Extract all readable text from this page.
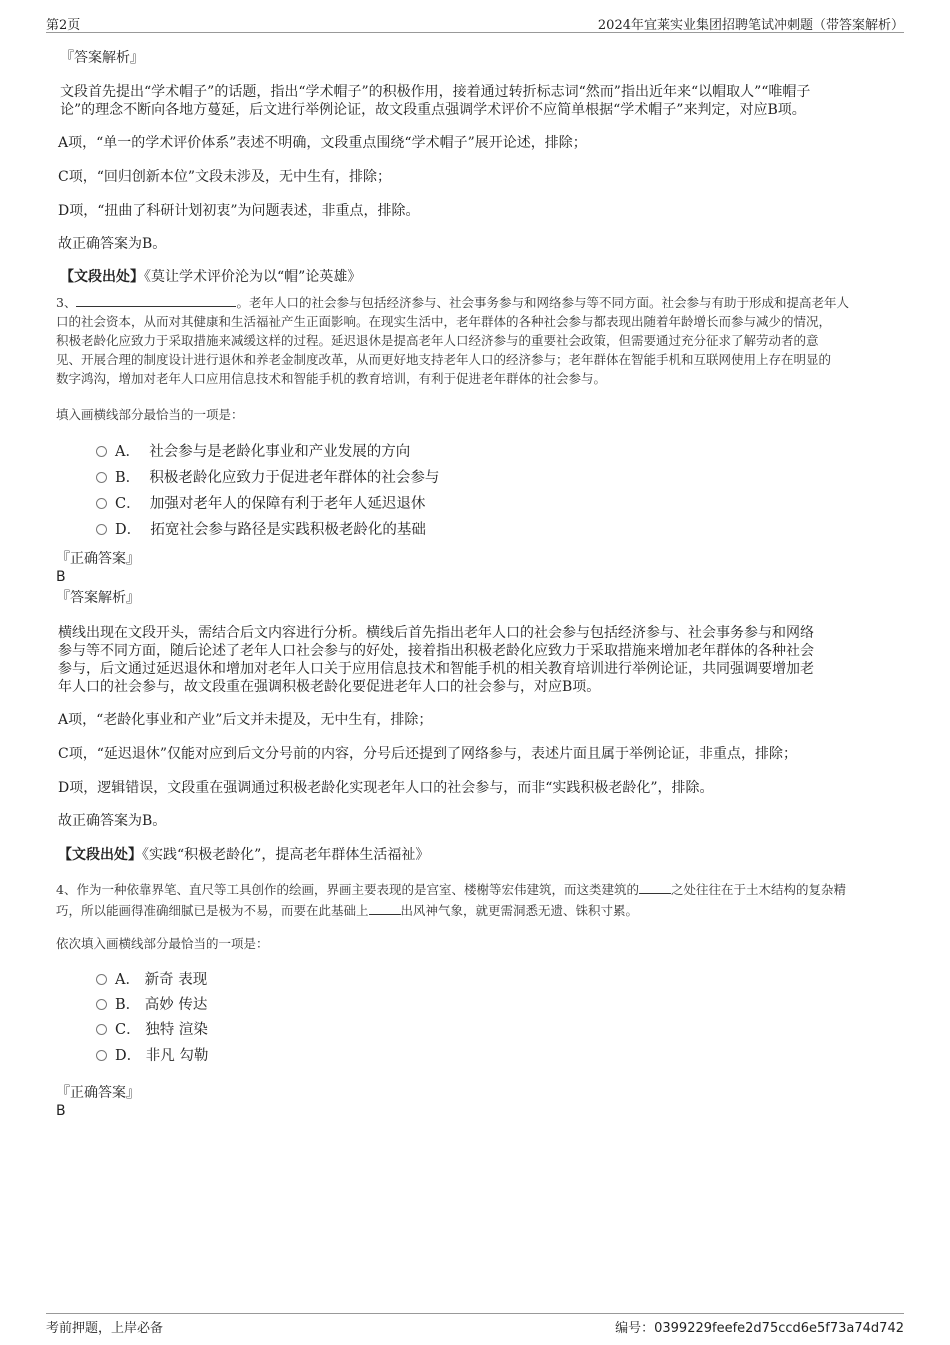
第2页	2024年宜莱实业集团招聘笔试冲刺题（带答案解析）
『答案解析』
文段首先提出“学术帽子”的话题，指出“学术帽子”的积极作用，接着通过转折标志词“然而”指出近年来“以帽取人”“唯帽子
论”的理念不断向各地方蔓延，后文进行举例论证，故文段重点强调学术评价不应简单根据“学术帽子”来判定，对应B项。
A项，“单一的学术评价体系”表述不明确，文段重点围绕“学术帽子”展开论述，排除；
C项，“回归创新本位”文段未涉及，无中生有，排除；
D项，“扭曲了科研计划初衷”为问题表述，非重点，排除。
故正确答案为B。
【文段出处】《莫让学术评价沦为以“帽”论英雄》
3、	。老年人口的社会参与包括经济参与、社会事务参与和网络参与等不同方面。社会参与有助于形成和提高老年人
口的社会资本，从而对其健康和生活福祉产生正面影响。在现实生活中，老年群体的各种社会参与都表现出随着年龄增长而参与减少的情况，
积极老龄化应致力于采取措施来减缓这样的过程。延迟退休是提高老年人口经济参与的重要社会政策，但需要通过充分征求了解劳动者的意
见、开展合理的制度设计进行退休和养老金制度改革，从而更好地支持老年人口的经济参与；老年群体在智能手机和互联网使用上存在明显的
数字鸿沟，增加对老年人口应用信息技术和智能手机的教育培训，有利于促进老年群体的社会参与。
填入画横线部分最恰当的一项是：
A． 社会参与是老龄化事业和产业发展的方向
B． 积极老龄化应致力于促进老年群体的社会参与
C． 加强对老年人的保障有利于老年人延迟退休
D． 拓宽社会参与路径是实践积极老龄化的基础
『正确答案』
B
『答案解析』
横线出现在文段开头，需结合后文内容进行分析。横线后首先指出老年人口的社会参与包括经济参与、社会事务参与和网络
参与等不同方面，随后论述了老年人口社会参与的好处，接着指出积极老龄化应致力于采取措施来增加老年群体的各种社会
参与，后文通过延迟退休和增加对老年人口关于应用信息技术和智能手机的相关教育培训进行举例论证，共同强调要增加老
年人口的社会参与，故文段重在强调积极老龄化要促进老年人口的社会参与，对应B项。
A项，“老龄化事业和产业”后文并未提及，无中生有，排除；
C项，“延迟退休”仅能对应到后文分号前的内容，分号后还提到了网络参与，表述片面且属于举例论证，非重点，排除；
D项，逻辑错误，文段重在强调通过积极老龄化实现老年人口的社会参与，而非“实践积极老龄化”，排除。
故正确答案为B。
【文段出处】《实践“积极老龄化”，提高老年群体生活福祉》
4、作为一种依靠界笔、直尺等工具创作的绘画，界画主要表现的是宫室、楼榭等宏伟建筑，而这类建筑的	之处往往在于土木结构的复杂精
巧，所以能画得准确细腻已是极为不易，而要在此基础上	出风神气象，就更需洞悉无遗、铢积寸累。
依次填入画横线部分最恰当的一项是：
A． 新奇 表现
B． 高妙 传达
C． 独特 渲染
D． 非凡 勾勒
『正确答案』
B
考前押题，上岸必备	编号：0399229feefe2d75ccd6e5f73a74d742
